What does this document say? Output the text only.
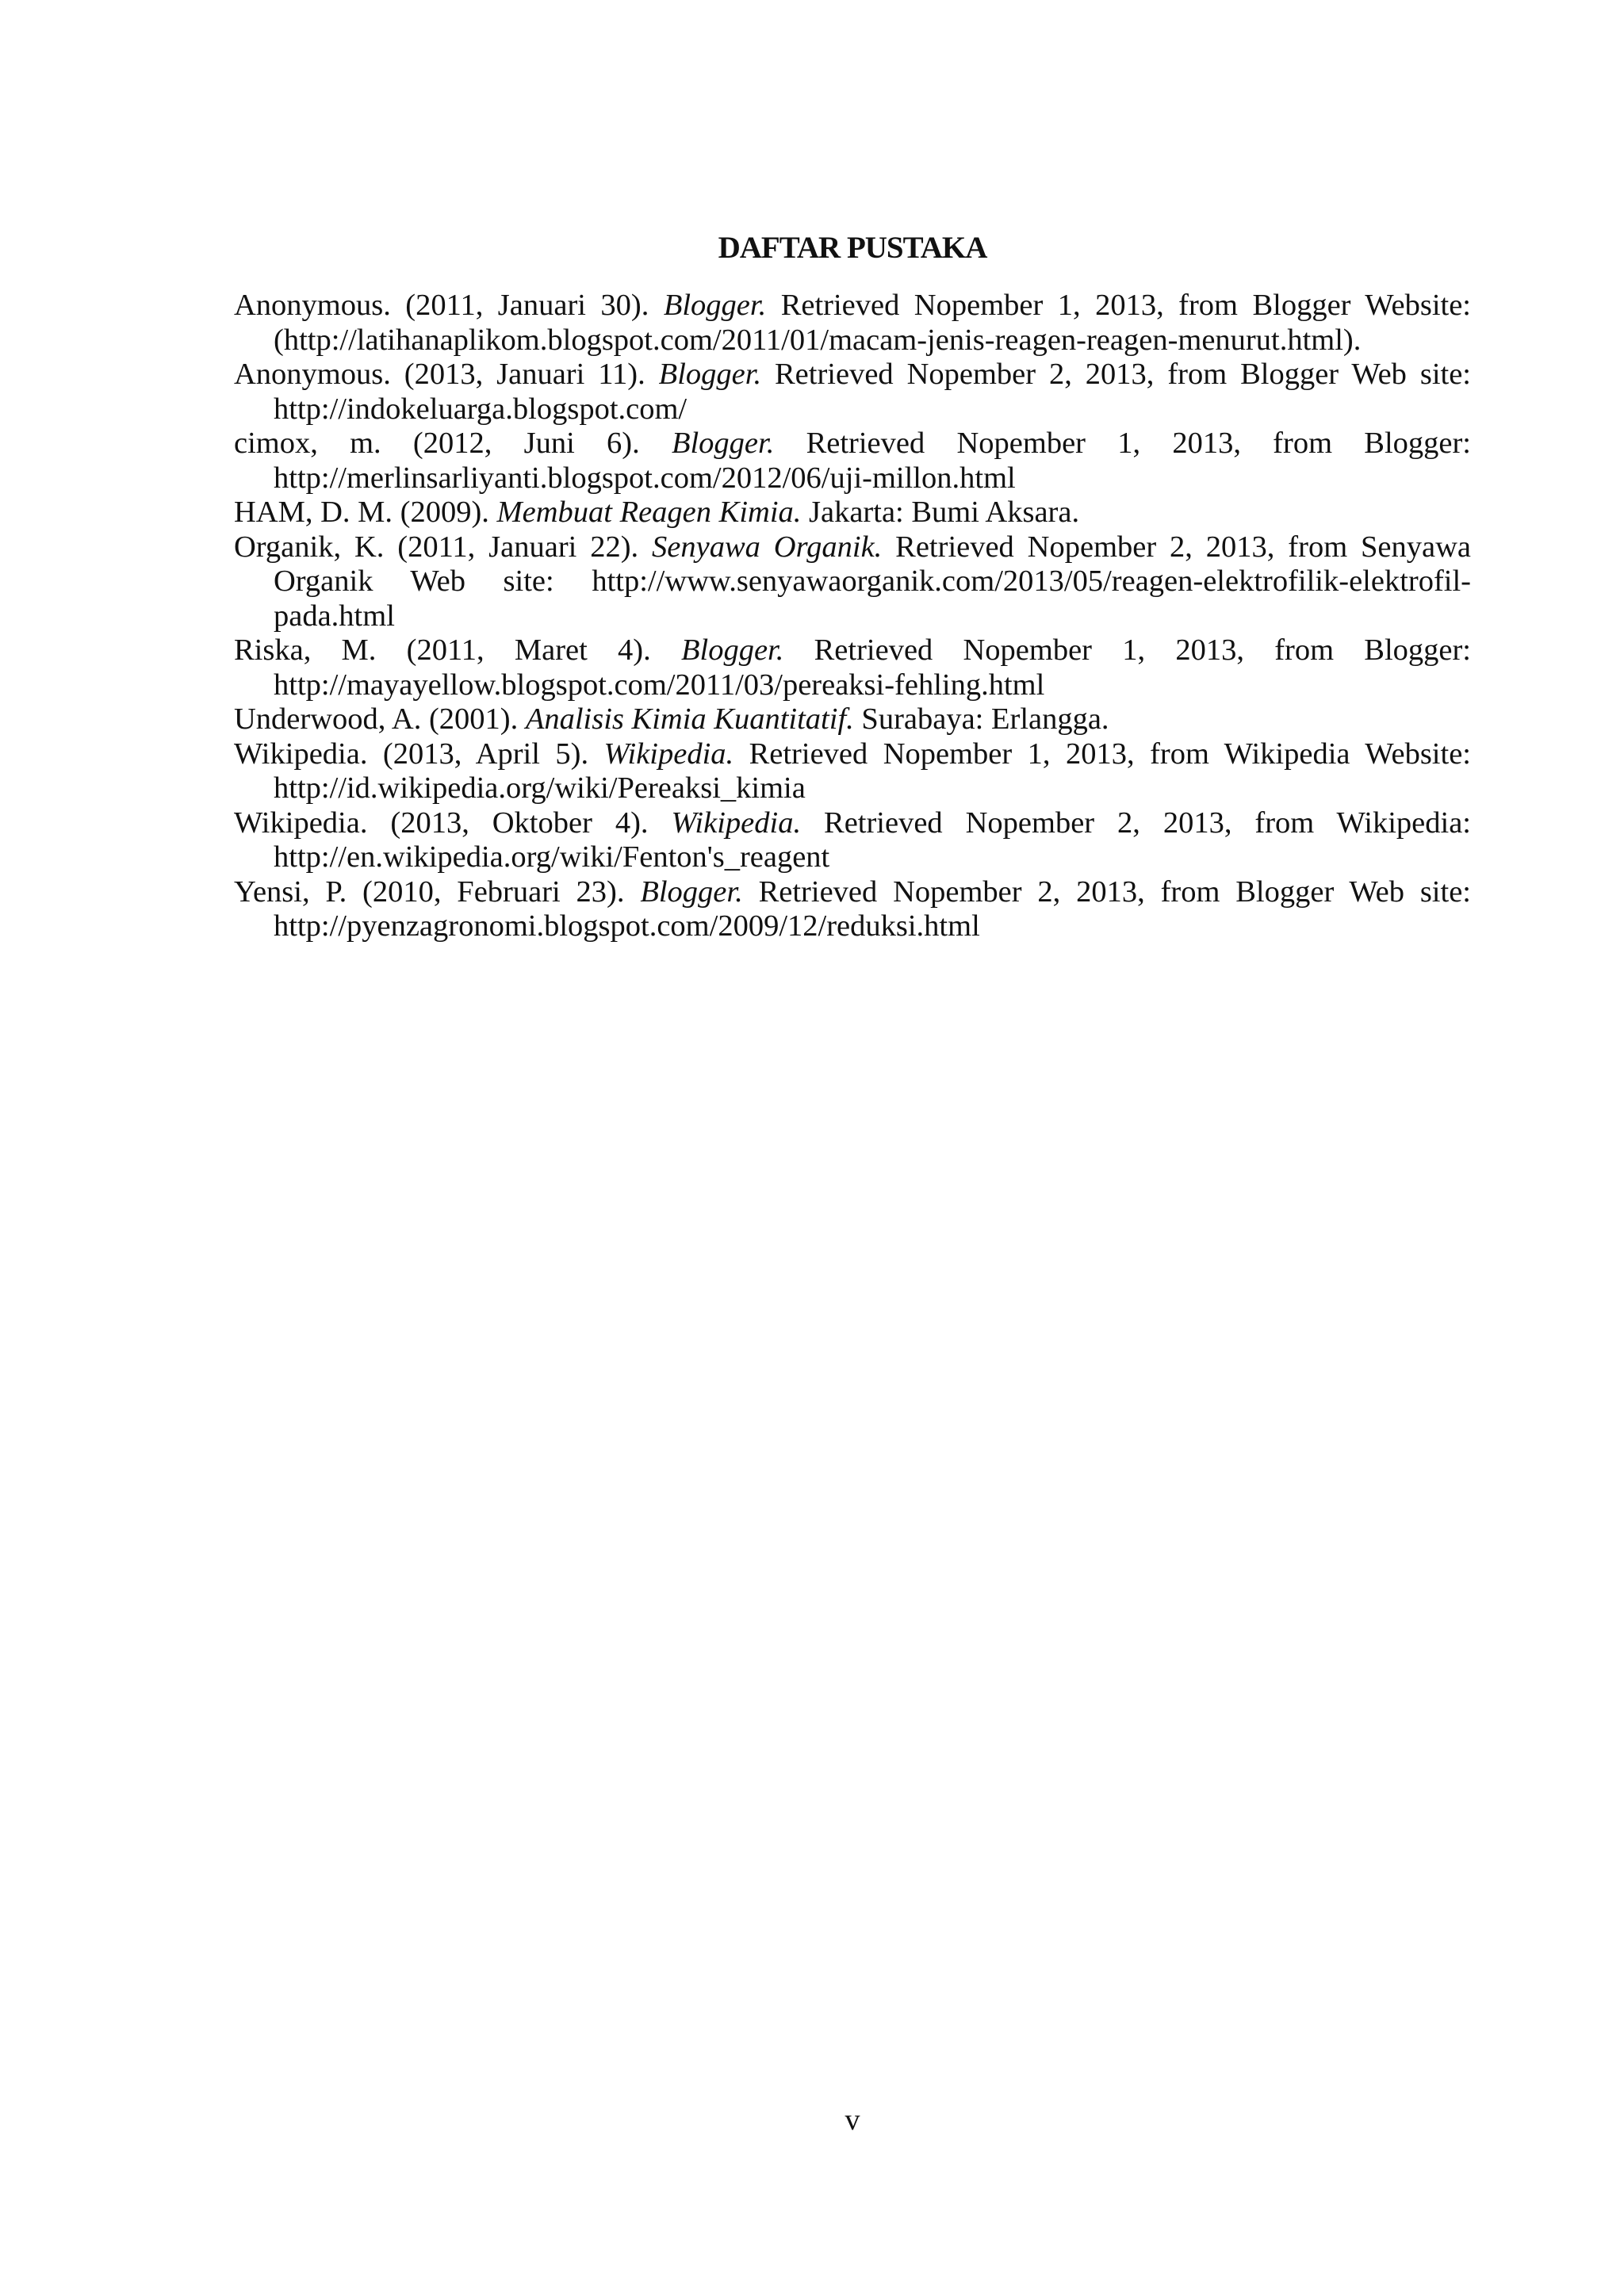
DAFTAR PUSTAKA
Anonymous. (2011, Januari 30). Blogger. Retrieved Nopember 1, 2013, from Blogger Website: (http://latihanaplikom.blogspot.com/2011/01/macam-jenis-reagen-reagen-menurut.html).
Anonymous. (2013, Januari 11). Blogger. Retrieved Nopember 2, 2013, from Blogger Web site: http://indokeluarga.blogspot.com/
cimox, m. (2012, Juni 6). Blogger. Retrieved Nopember 1, 2013, from Blogger: http://merlinsarliyanti.blogspot.com/2012/06/uji-millon.html
HAM, D. M. (2009). Membuat Reagen Kimia. Jakarta: Bumi Aksara.
Organik, K. (2011, Januari 22). Senyawa Organik. Retrieved Nopember 2, 2013, from Senyawa Organik Web site: http://www.senyawaorganik.com/2013/05/reagen-elektrofilik-elektrofil-pada.html
Riska, M. (2011, Maret 4). Blogger. Retrieved Nopember 1, 2013, from Blogger: http://mayayellow.blogspot.com/2011/03/pereaksi-fehling.html
Underwood, A. (2001). Analisis Kimia Kuantitatif. Surabaya: Erlangga.
Wikipedia. (2013, April 5). Wikipedia. Retrieved Nopember 1, 2013, from Wikipedia Website: http://id.wikipedia.org/wiki/Pereaksi_kimia
Wikipedia. (2013, Oktober 4). Wikipedia. Retrieved Nopember 2, 2013, from Wikipedia: http://en.wikipedia.org/wiki/Fenton's_reagent
Yensi, P. (2010, Februari 23). Blogger. Retrieved Nopember 2, 2013, from Blogger Web site: http://pyenzagronomi.blogspot.com/2009/12/reduksi.html
v
